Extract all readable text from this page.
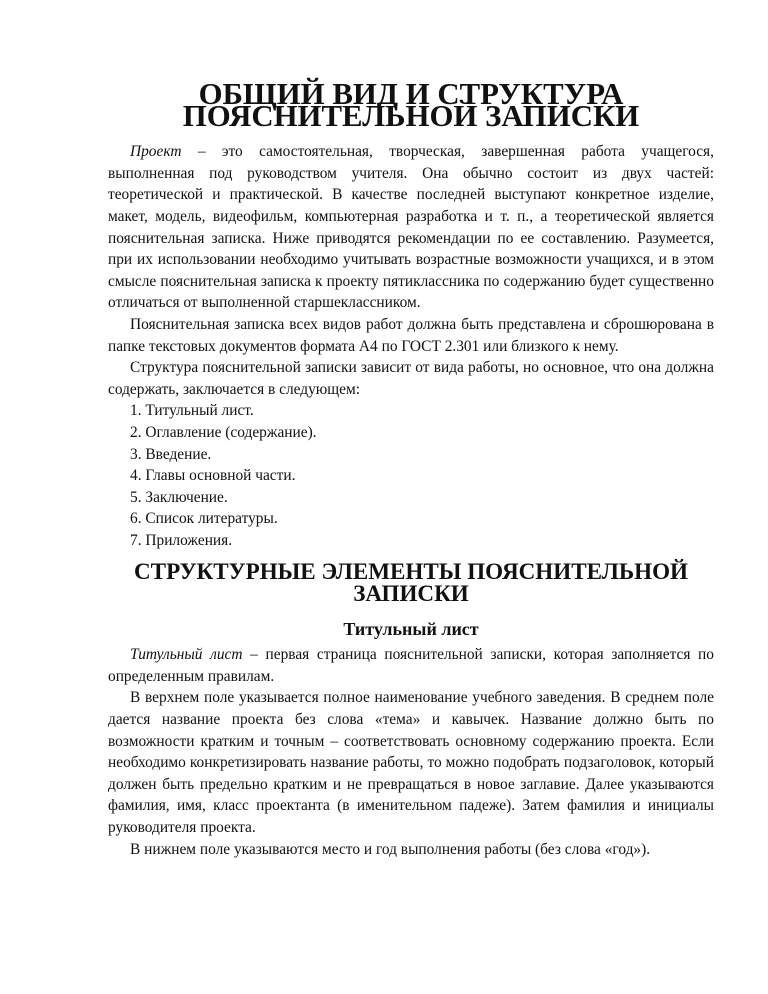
ОБЩИЙ ВИД И СТРУКТУРА ПОЯСНИТЕЛЬНОЙ ЗАПИСКИ

Проект – это самостоятельная, творческая, завершенная работа учащегося, выполненная под руководством учителя. Она обычно состоит из двух частей: теоретической и практической. В качестве последней выступают конкретное изделие, макет, модель, видеофильм, компьютерная разработка и т. п., а теоретической является пояснительная записка. Ниже приводятся рекомендации по ее составлению. Разумеется, при их использовании необходимо учитывать возрастные возможности учащихся, и в этом смысле пояснительная записка к проекту пятиклассника по содержанию будет существенно отличаться от выполненной старшеклассником.

Пояснительная записка всех видов работ должна быть представлена и сброшюрована в папке текстовых документов формата А4 по ГОСТ 2.301 или близкого к нему.

Структура пояснительной записки зависит от вида работы, но основное, что она должна содержать, заключается в следующем:

1. Титульный лист.
2. Оглавление (содержание).
3. Введение.
4. Главы основной части.
5. Заключение.
6. Список литературы.
7. Приложения.
СТРУКТУРНЫЕ ЭЛЕМЕНТЫ ПОЯСНИТЕЛЬНОЙ ЗАПИСКИ
Титульный лист

Титульный лист – первая страница пояснительной записки, которая заполняется по определенным правилам.

В верхнем поле указывается полное наименование учебного заведения. В среднем поле дается название проекта без слова «тема» и кавычек. Название должно быть по возможности кратким и точным – соответствовать основному содержанию проекта. Если необходимо конкретизировать название работы, то можно подобрать подзаголовок, который должен быть предельно кратким и не превращаться в новое заглавие. Далее указываются фамилия, имя, класс проектанта (в именительном падеже). Затем фамилия и инициалы руководителя проекта.

В нижнем поле указываются место и год выполнения работы (без слова «год»).
